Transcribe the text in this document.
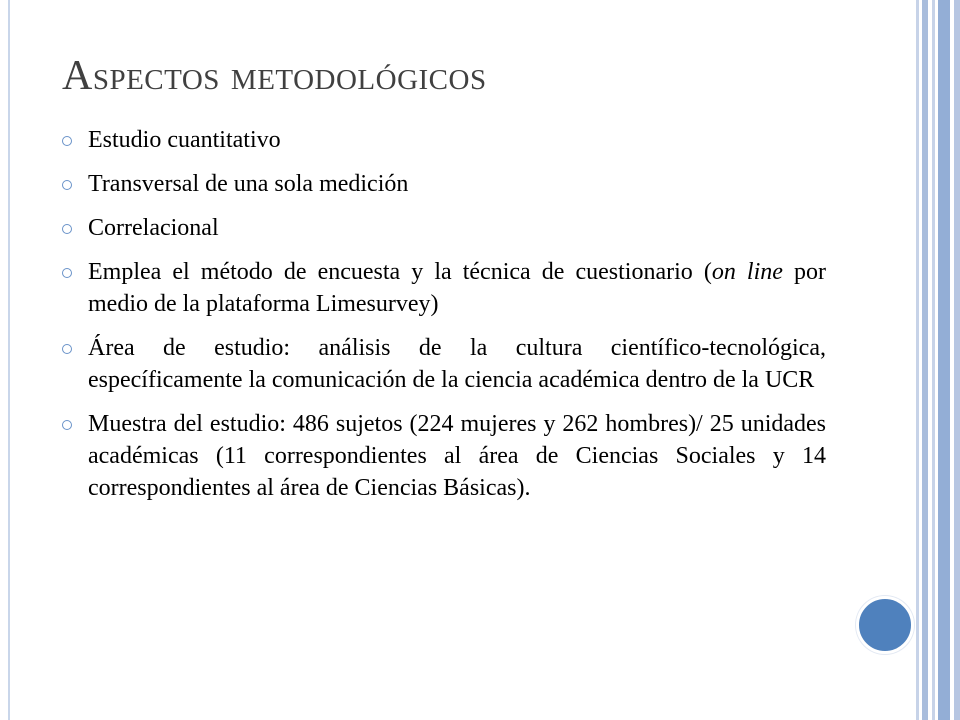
Aspectos metodológicos
Estudio cuantitativo
Transversal de una sola medición
Correlacional
Emplea el método de encuesta y la técnica de cuestionario (on line por medio de la plataforma Limesurvey)
Área de estudio: análisis de la cultura científico-tecnológica, específicamente la comunicación de la ciencia académica dentro de la UCR
Muestra del estudio: 486 sujetos (224 mujeres y 262 hombres)/ 25 unidades académicas (11 correspondientes al área de Ciencias Sociales y 14 correspondientes al área de Ciencias Básicas).
